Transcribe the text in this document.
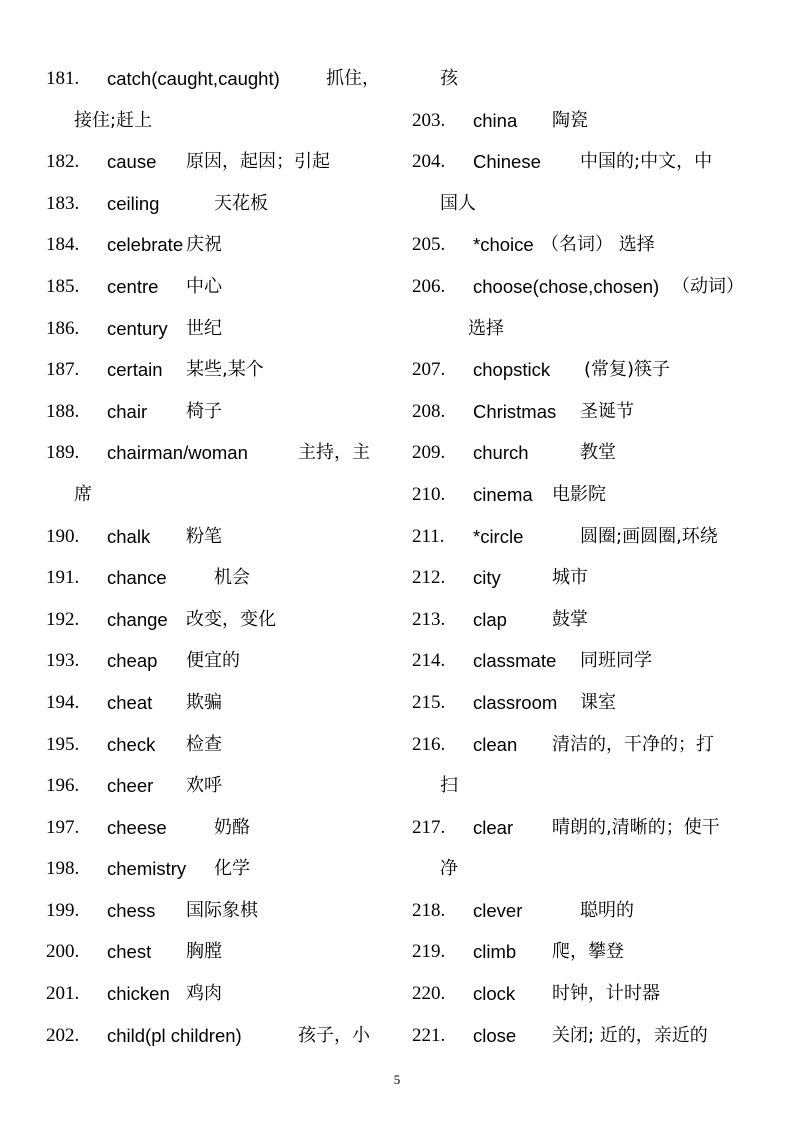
181. catch(caught,caught)	抓住，
接住;赶上
182. cause 原因，起因；引起
183. ceiling	天花板
184. celebrate 庆祝
185. centre 中心
186. century 世纪
187. certain 某些,某个
188. chair 椅子
189. chairman/woman	主持，主
席
190. chalk 粉笔
191. chance	机会
192. change 改变，变化
193. cheap 便宜的
194. cheat 欺骗
195. check 检查
196. cheer 欢呼
197. cheese	奶酪
198. chemistry 化学
199. chess 国际象棋
200. chest 胸膛
201. chicken 鸡肉
202. child(pl children)	孩子，小
孩
203. china 陶瓷
204. Chinese 中国的;中文，中
国人
205. *choice （名词） 选择
206. choose(chose,chosen) （动词）
选择
207. chopstick (常复)筷子
208. Christmas 圣诞节
209. church	教堂
210. cinema 电影院
211. *circle	圆圈;画圆圈,环绕
212. city	城市
213. clap	鼓掌
214. classmate 同班同学
215. classroom 课室
216. clean 清洁的，干净的；打
扫
217. clear 晴朗的,清晰的；使干
净
218. clever	聪明的
219. climb 爬，攀登
220. clock 时钟，计时器
221. close 关闭; 近的，亲近的
5
